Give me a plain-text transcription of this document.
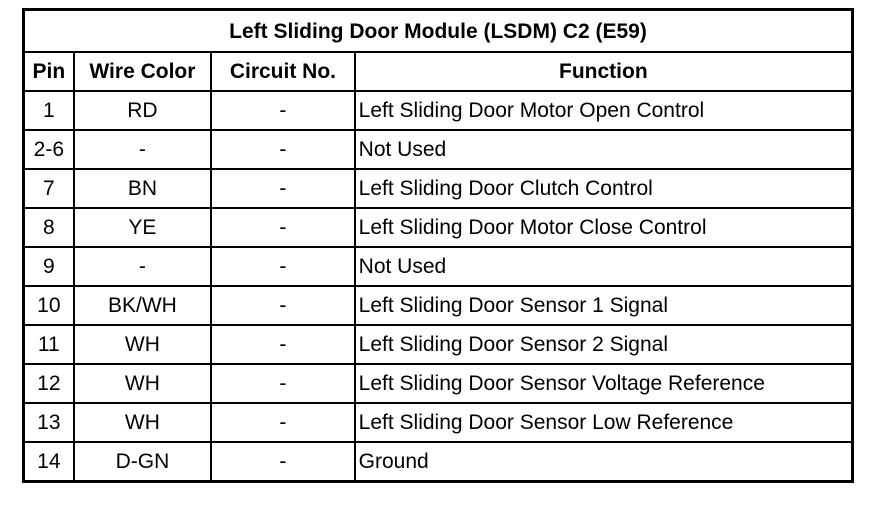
Left Sliding Door Module (LSDM) C2 (E59)			
Pin	Wire Color	Circuit No.	Function
1	RD	-	Left Sliding Door Motor Open Control
2-6	-	-	Not Used
7	BN	-	Left Sliding Door Clutch Control
8	YE	-	Left Sliding Door Motor Close Control
9	-	-	Not Used
10	BK/WH	-	Left Sliding Door Sensor 1 Signal
11	WH	-	Left Sliding Door Sensor 2 Signal
12	WH	-	Left Sliding Door Sensor Voltage Reference
13	WH	-	Left Sliding Door Sensor Low Reference
14	D-GN	-	Ground
